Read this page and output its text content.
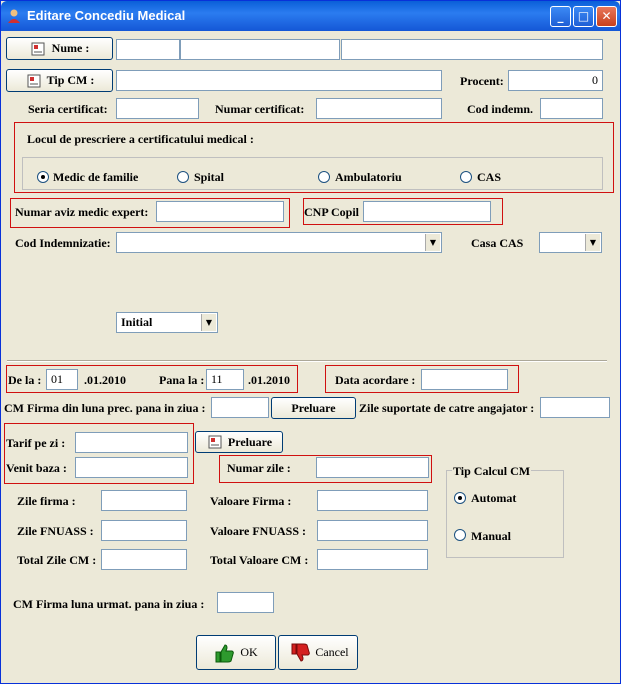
Editare Concediu Medical	_	□	✕
Nume :
Tip CM :	Procent:	0
Seria certificat:	Numar certificat:	Cod indemn.
Locul de prescriere a certificatului medical :
Medic de familie	Spital	Ambulatoriu	CAS
Numar aviz medic expert:	CNP Copil
Cod Indemnizatie:	▼	Casa CAS	▼
Initial	▼
De la : 01	.01.2010	Pana la : 11	.01.2010	Data acordare :
CM Firma din luna prec. pana in ziua :	Preluare	Zile suportate de catre angajator :
Tarif pe zi :
Venit baza :
Preluare
Numar zile :	Tip Calcul CM
Automat
Manual
Zile firma :	Valoare Firma :
Zile FNUASS :	Valoare FNUASS :
Total Zile CM :	Total Valoare CM :
CM Firma luna urmat. pana in ziua :
OK	Cancel
